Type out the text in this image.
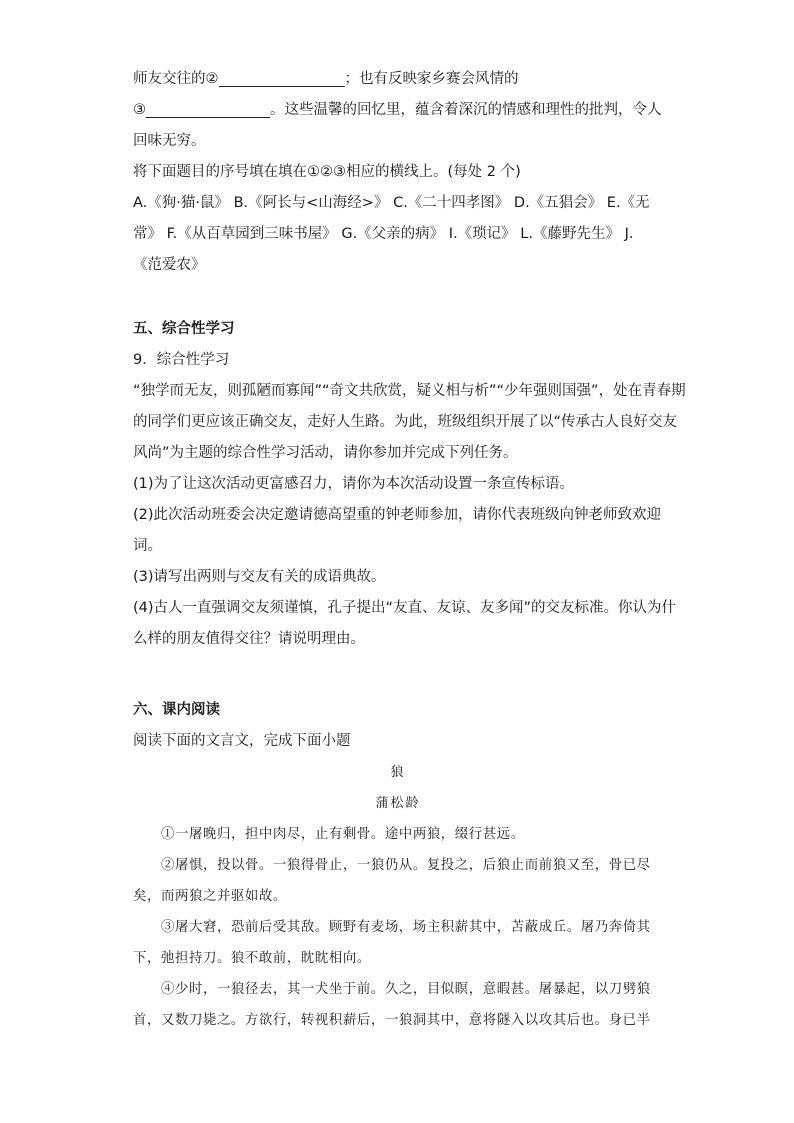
师友交往的②	；也有反映家乡赛会风情的
③	。这些温馨的回忆里，蕴含着深沉的情感和理性的批判，令人
回味无穷。
将下面题目的序号填在填在①②③相应的横线上。(每处 2 个)
A.《狗·猫·鼠》 B.《阿长与<山海经>》 C.《二十四孝图》 D.《五猖会》 E.《无
常》 F.《从百草园到三味书屋》 G.《父亲的病》 I.《琐记》 L.《藤野先生》 J.
《范爱农》
五、综合性学习
9．综合性学习
“独学而无友，则孤陋而寡闻”“奇文共欣赏，疑义相与析”“少年强则国强”，处在青春期
的同学们更应该正确交友，走好人生路。为此，班级组织开展了以“传承古人良好交友
风尚”为主题的综合性学习活动，请你参加并完成下列任务。
(1)为了让这次活动更富感召力，请你为本次活动设置一条宣传标语。
(2)此次活动班委会决定邀请德高望重的钟老师参加，请你代表班级向钟老师致欢迎
词。
(3)请写出两则与交友有关的成语典故。
(4)古人一直强调交友须谨慎，孔子提出“友直、友谅、友多闻”的交友标准。你认为什
么样的朋友值得交往？请说明理由。
六、课内阅读
阅读下面的文言文，完成下面小题
狼
蒲松龄
①一屠晚归，担中肉尽，止有剩骨。途中两狼，缀行甚远。
②屠惧，投以骨。一狼得骨止，一狼仍从。复投之，后狼止而前狼又至，骨已尽
矣，而两狼之并驱如故。
③屠大窘，恐前后受其敌。顾野有麦场，场主积薪其中，苫蔽成丘。屠乃奔倚其
下，弛担持刀。狼不敢前，眈眈相向。
④少时，一狼径去，其一犬坐于前。久之，目似瞑，意暇甚。屠暴起，以刀劈狼
首，又数刀毙之。方欲行，转视积薪后，一狼洞其中，意将隧入以攻其后也。身已半
